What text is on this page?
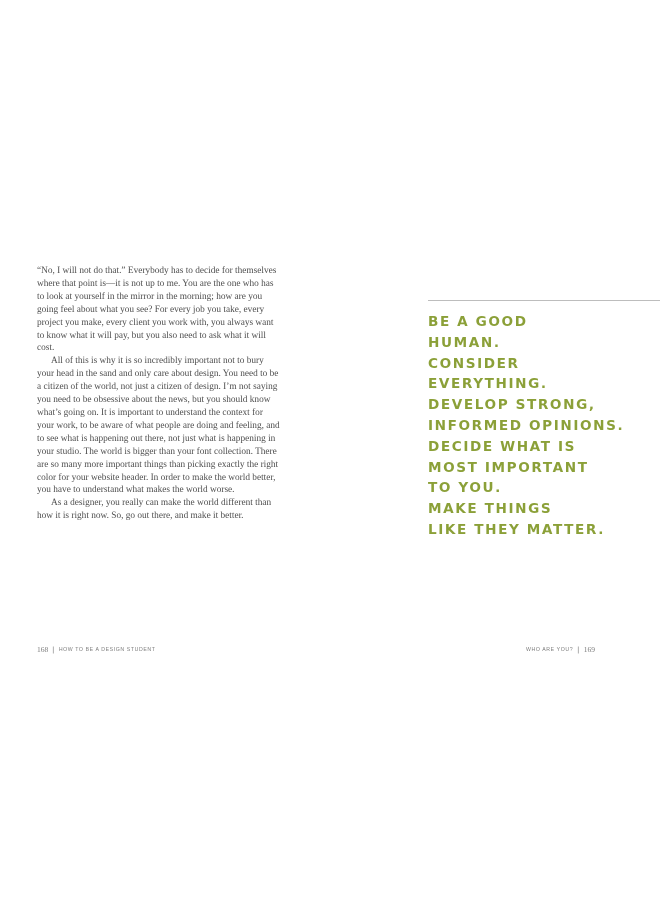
“No, I will not do that.” Everybody has to decide for themselves where that point is—it is not up to me. You are the one who has to look at yourself in the mirror in the morning; how are you going feel about what you see? For every job you take, every project you make, every client you work with, you always want to know what it will pay, but you also need to ask what it will cost.

All of this is why it is so incredibly important not to bury your head in the sand and only care about design. You need to be a citizen of the world, not just a citizen of design. I’m not saying you need to be obsessive about the news, but you should know what’s going on. It is important to understand the context for your work, to be aware of what people are doing and feeling, and to see what is happening out there, not just what is happening in your studio. The world is bigger than your font collection. There are so many more important things than picking exactly the right color for your website header. In order to make the world better, you have to understand what makes the world worse.

As a designer, you really can make the world different than how it is right now. So, go out there, and make it better.

168 | HOW TO BE A DESIGN STUDENT
BE A GOOD
HUMAN.
CONSIDER
EVERYTHING.
DEVELOP STRONG,
INFORMED OPINIONS.
DECIDE WHAT IS
MOST IMPORTANT
TO YOU.
MAKE THINGS
LIKE THEY MATTER.
WHO ARE YOU? | 169
